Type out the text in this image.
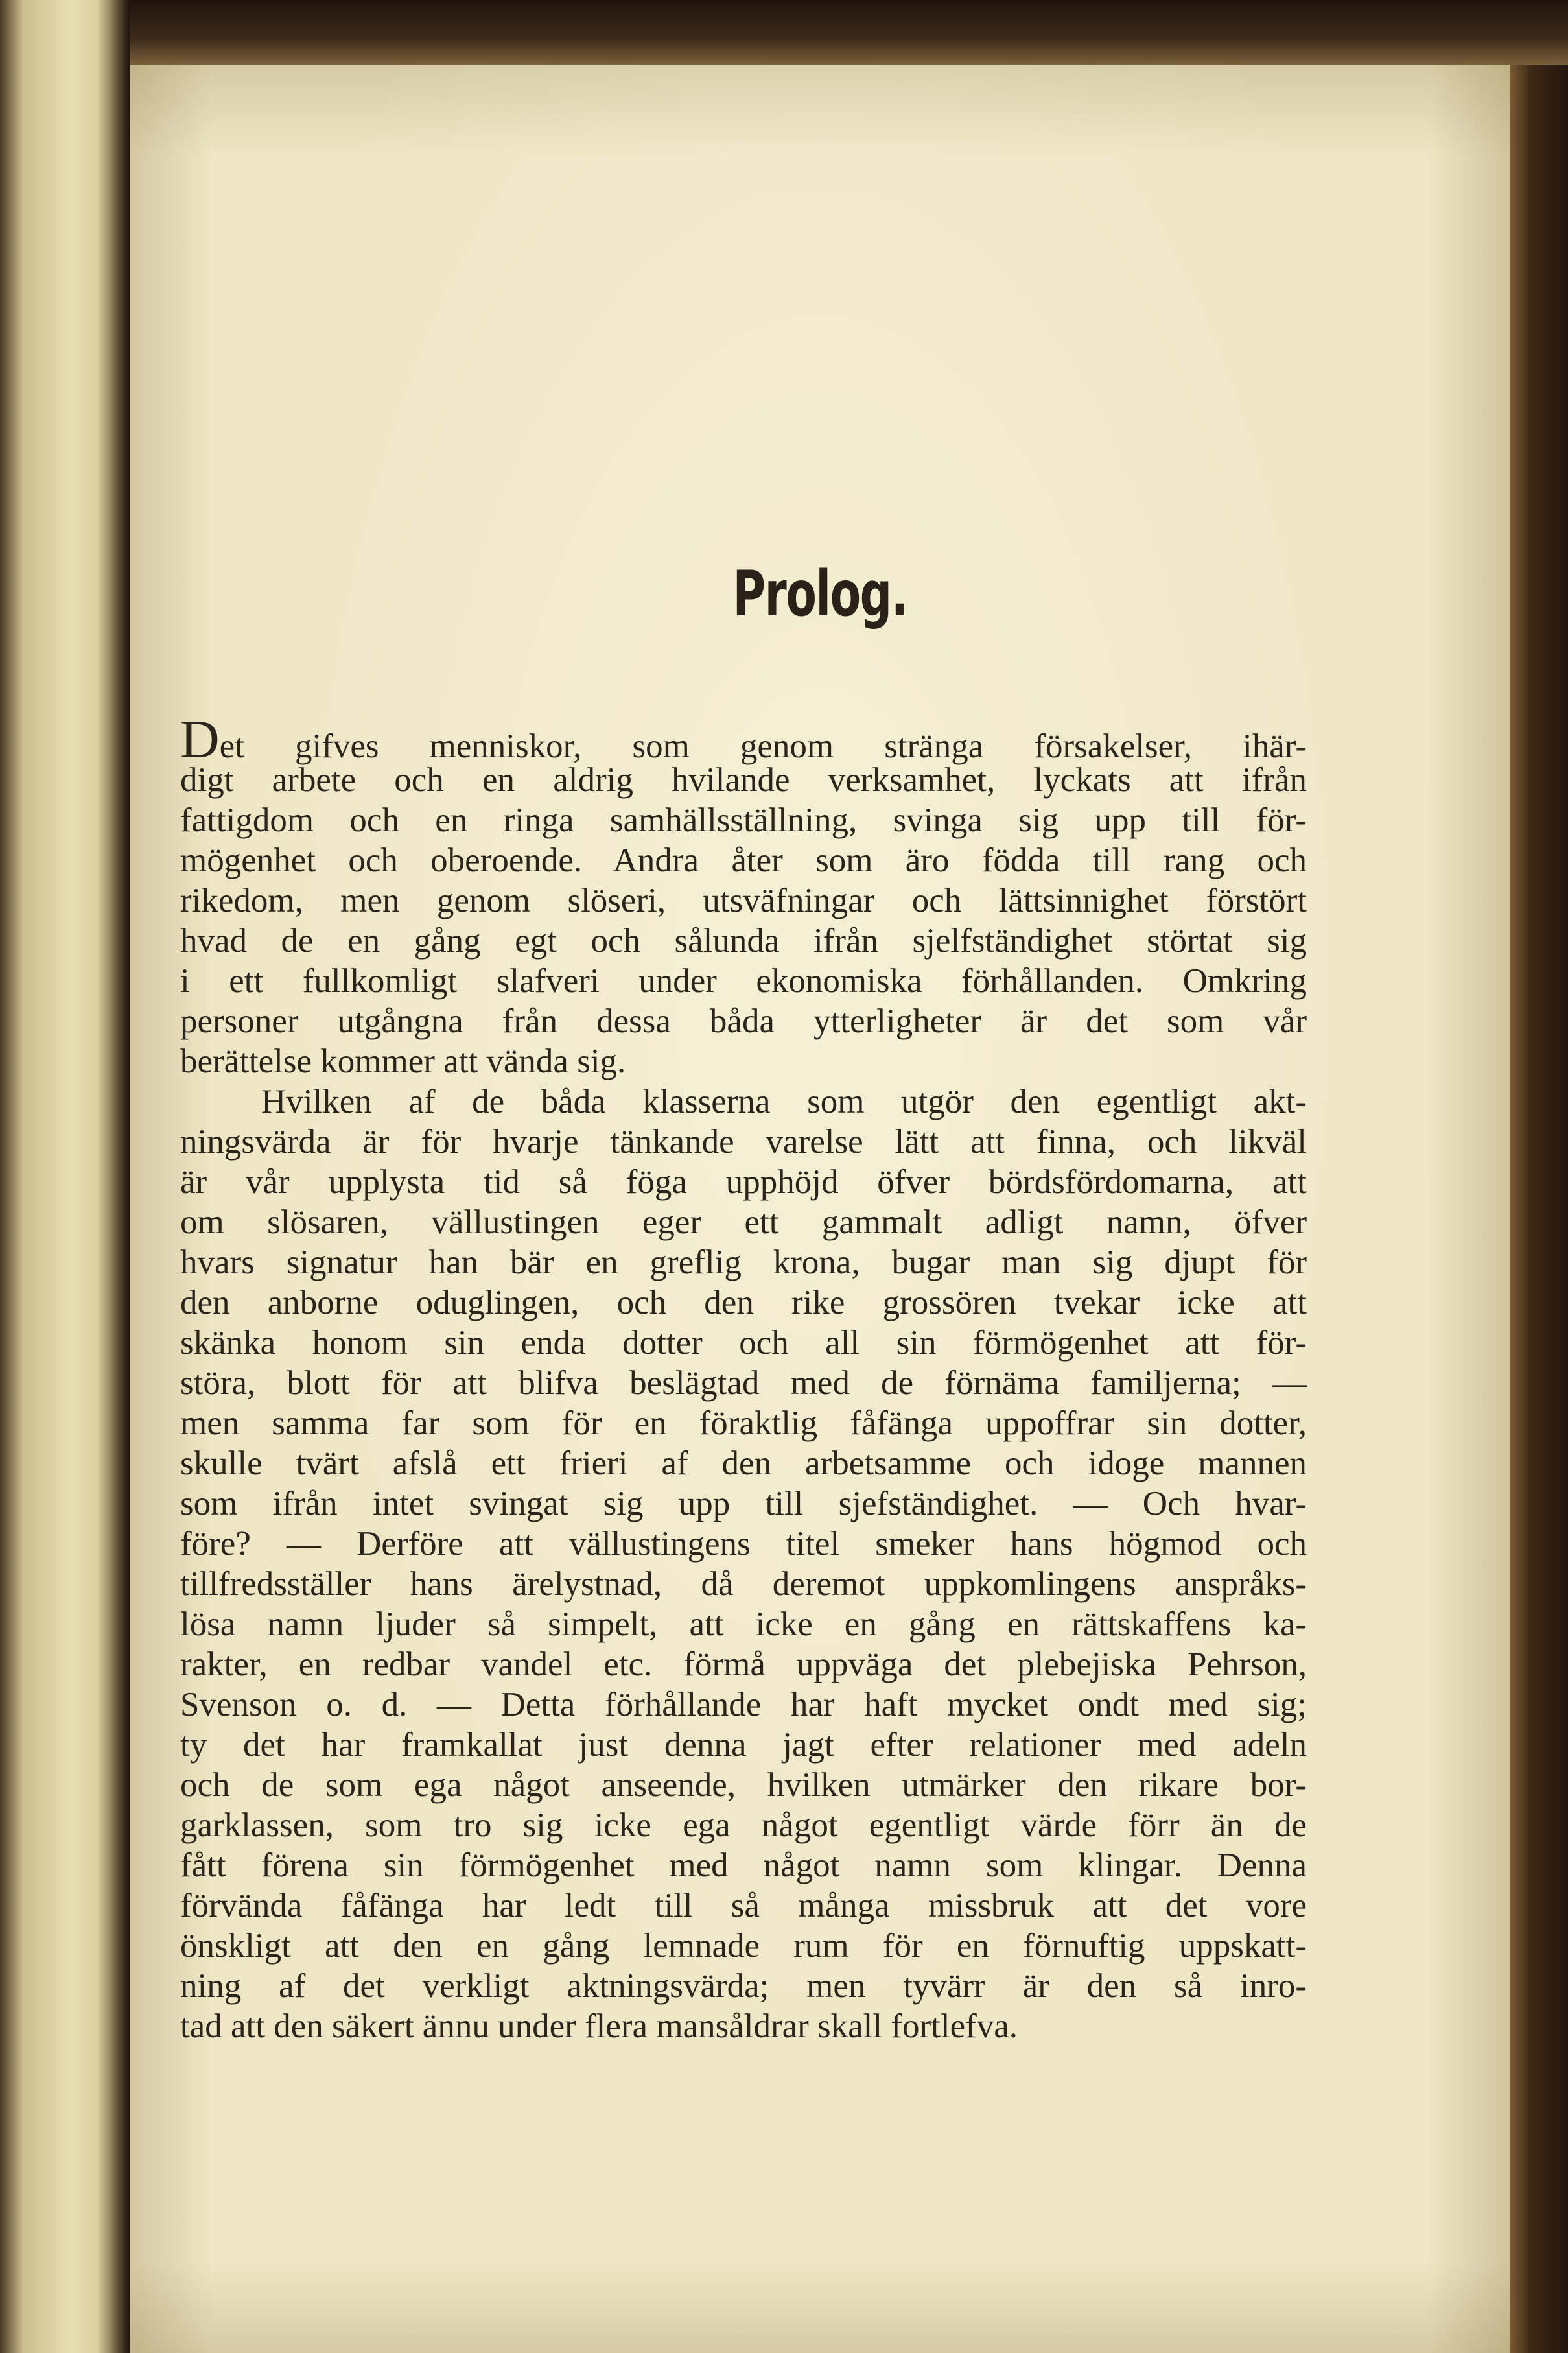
Prolog.
Det gifves menniskor, som genom stränga försakelser, ihär-
digt arbete och en aldrig hvilande verksamhet, lyckats att ifrån
fattigdom och en ringa samhällsställning, svinga sig upp till för-
mögenhet och oberoende. Andra åter som äro födda till rang och
rikedom, men genom slöseri, utsväfningar och lättsinnighet förstört
hvad de en gång egt och sålunda ifrån sjelfständighet störtat sig
i ett fullkomligt slafveri under ekonomiska förhållanden. Omkring
personer utgångna från dessa båda ytterligheter är det som vår
berättelse kommer att vända sig.
Hvilken af de båda klasserna som utgör den egentligt akt-
ningsvärda är för hvarje tänkande varelse lätt att finna, och likväl
är vår upplysta tid så föga upphöjd öfver bördsfördomarna, att
om slösaren, vällustingen eger ett gammalt adligt namn, öfver
hvars signatur han bär en greflig krona, bugar man sig djupt för
den anborne oduglingen, och den rike grossören tvekar icke att
skänka honom sin enda dotter och all sin förmögenhet att för-
störa, blott för att blifva beslägtad med de förnäma familjerna; —
men samma far som för en föraktlig fåfänga uppoffrar sin dotter,
skulle tvärt afslå ett frieri af den arbetsamme och idoge mannen
som ifrån intet svingat sig upp till sjefständighet. — Och hvar-
före? — Derföre att vällustingens titel smeker hans högmod och
tillfredsställer hans ärelystnad, då deremot uppkomlingens anspråks-
lösa namn ljuder så simpelt, att icke en gång en rättskaffens ka-
rakter, en redbar vandel etc. förmå uppväga det plebejiska Pehrson,
Svenson o. d. — Detta förhållande har haft mycket ondt med sig;
ty det har framkallat just denna jagt efter relationer med adeln
och de som ega något anseende, hvilken utmärker den rikare bor-
garklassen, som tro sig icke ega något egentligt värde förr än de
fått förena sin förmögenhet med något namn som klingar. Denna
förvända fåfänga har ledt till så många missbruk att det vore
önskligt att den en gång lemnade rum för en förnuftig uppskatt-
ning af det verkligt aktningsvärda; men tyvärr är den så inro-
tad att den säkert ännu under flera mansåldrar skall fortlefva.
